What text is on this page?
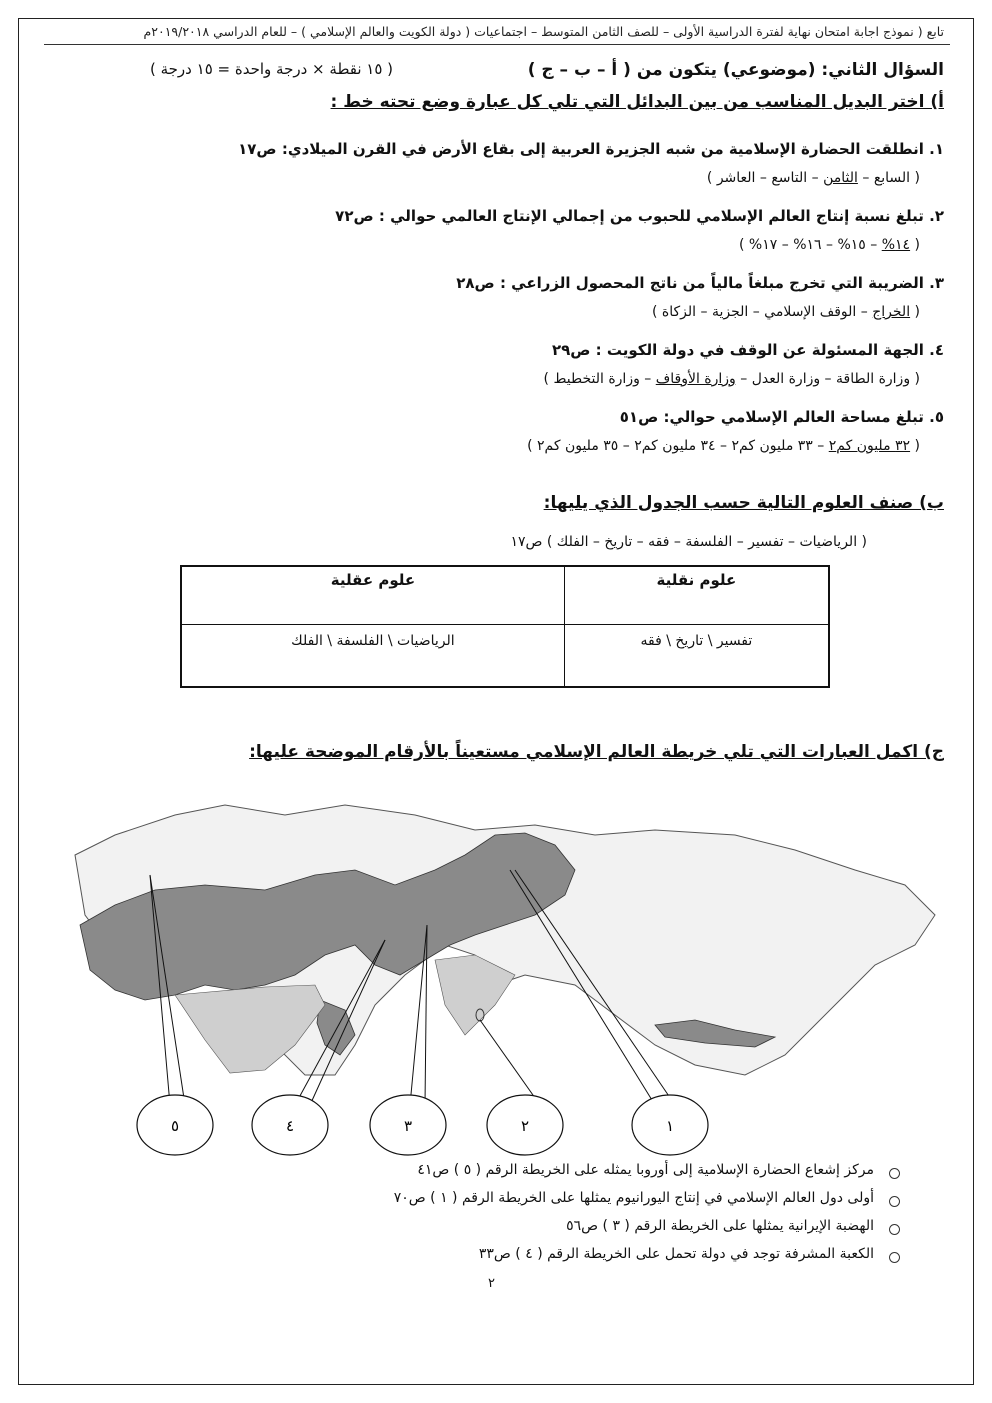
تابع ( نموذج اجابة امتحان نهاية لفترة الدراسية الأولى – للصف الثامن المتوسط – اجتماعيات ( دولة الكويت والعالم الإسلامي ) – للعام الدراسي ٢٠١٩/٢٠١٨م
السؤال الثاني: (موضوعي) يتكون من ( أ – ب – ج )
( ١٥ نقطة × درجة واحدة = ١٥ درجة )
أ) اختر البديل المناسب من بين البدائل التي تلي كل عبارة وضع تحته خط :
١. انطلقت الحضارة الإسلامية من شبه الجزيرة العربية إلى بقاع الأرض في القرن الميلادي: ص١٧
( السابع – الثامن – التاسع – العاشر )
٢. تبلغ نسبة إنتاج العالم الإسلامي للحبوب من إجمالي الإنتاج العالمي حوالي : ص٧٢
( ١٤% – ١٥% – ١٦% – ١٧% )
٣. الضريبة التي تخرج مبلغاً مالياً من ناتج المحصول الزراعي : ص٢٨
( الخراج – الوقف الإسلامي – الجزية – الزكاة )
٤. الجهة المسئولة عن الوقف في دولة الكويت : ص٢٩
( وزارة الطاقة – وزارة العدل – وزارة الأوقاف – وزارة التخطيط )
٥. تبلغ مساحة العالم الإسلامي حوالي: ص٥١
( ٣٢ مليون كم٢ – ٣٣ مليون كم٢ – ٣٤ مليون كم٢ – ٣٥ مليون كم٢ )
ب) صنف العلوم التالية حسب الجدول الذي يليها:
( الرياضيات – تفسير – الفلسفة – فقه – تاريخ – الفلك ) ص١٧
علوم نقلية	علوم عقلية
تفسير \ تاريخ \ فقه	الرياضيات \ الفلسفة \ الفلك
ج) اكمل العبارات التي تلي خريطة العالم الإسلامي مستعيناً بالأرقام الموضحة عليها:
١
٢
٣
٤
٥
مركز إشعاع الحضارة الإسلامية إلى أوروبا يمثله على الخريطة الرقم ( ٥ ) ص٤١
أولى دول العالم الإسلامي في إنتاج اليورانيوم يمثلها على الخريطة الرقم ( ١ ) ص٧٠
الهضبة الإيرانية يمثلها على الخريطة الرقم ( ٣ ) ص٥٦
الكعبة المشرفة توجد في دولة تحمل على الخريطة الرقم ( ٤ ) ص٣٣
٢
